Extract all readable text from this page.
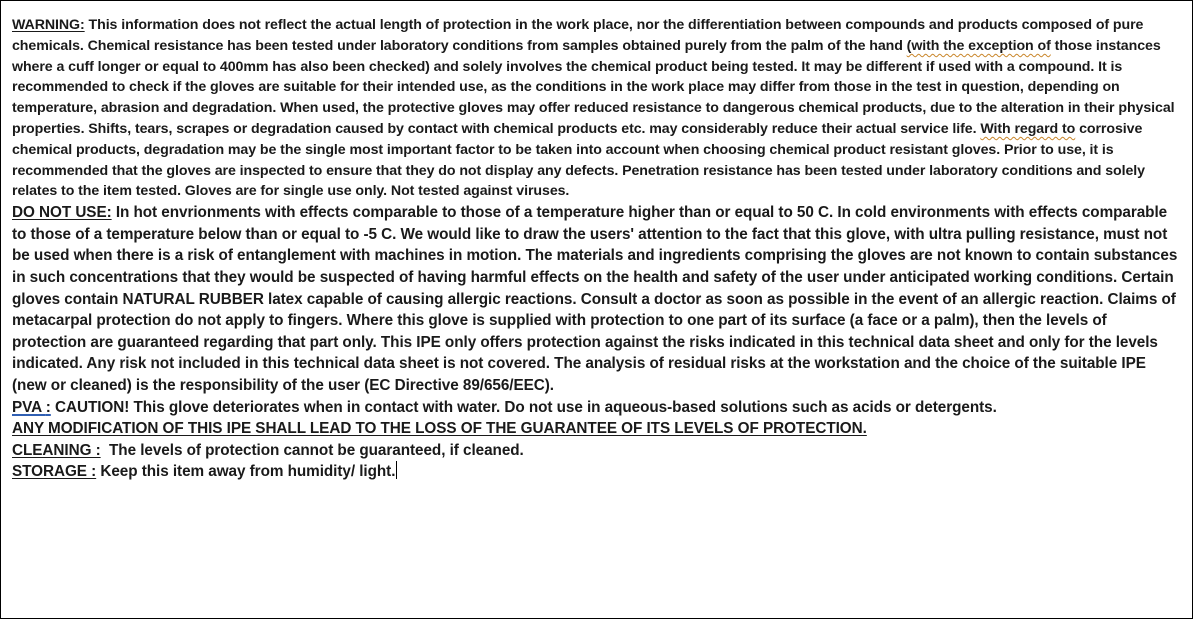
WARNING: This information does not reflect the actual length of protection in the work place, nor the differentiation between compounds and products composed of pure chemicals. Chemical resistance has been tested under laboratory conditions from samples obtained purely from the palm of the hand (with the exception of those instances where a cuff longer or equal to 400mm has also been checked) and solely involves the chemical product being tested. It may be different if used with a compound. It is recommended to check if the gloves are suitable for their intended use, as the conditions in the work place may differ from those in the test in question, depending on temperature, abrasion and degradation. When used, the protective gloves may offer reduced resistance to dangerous chemical products, due to the alteration in their physical properties. Shifts, tears, scrapes or degradation caused by contact with chemical products etc. may considerably reduce their actual service life. With regard to corrosive chemical products, degradation may be the single most important factor to be taken into account when choosing chemical product resistant gloves. Prior to use, it is recommended that the gloves are inspected to ensure that they do not display any defects. Penetration resistance has been tested under laboratory conditions and solely relates to the item tested. Gloves are for single use only. Not tested against viruses.

DO NOT USE: In hot envrionments with effects comparable to those of a temperature higher than or equal to 50 C. In cold environments with effects comparable to those of a temperature below than or equal to -5 C. We would like to draw the users' attention to the fact that this glove, with ultra pulling resistance, must not be used when there is a risk of entanglement with machines in motion. The materials and ingredients comprising the gloves are not known to contain substances in such concentrations that they would be suspected of having harmful effects on the health and safety of the user under anticipated working conditions. Certain gloves contain NATURAL RUBBER latex capable of causing allergic reactions. Consult a doctor as soon as possible in the event of an allergic reaction. Claims of metacarpal protection do not apply to fingers. Where this glove is supplied with protection to one part of its surface (a face or a palm), then the levels of protection are guaranteed regarding that part only. This IPE only offers protection against the risks indicated in this technical data sheet and only for the levels indicated. Any risk not included in this technical data sheet is not covered. The analysis of residual risks at the workstation and the choice of the suitable IPE (new or cleaned) is the responsibility of the user (EC Directive 89/656/EEC).

PVA : CAUTION! This glove deteriorates when in contact with water. Do not use in aqueous-based solutions such as acids or detergents.

ANY MODIFICATION OF THIS IPE SHALL LEAD TO THE LOSS OF THE GUARANTEE OF ITS LEVELS OF PROTECTION.

CLEANING :  The levels of protection cannot be guaranteed, if cleaned.

STORAGE : Keep this item away from humidity/ light.
